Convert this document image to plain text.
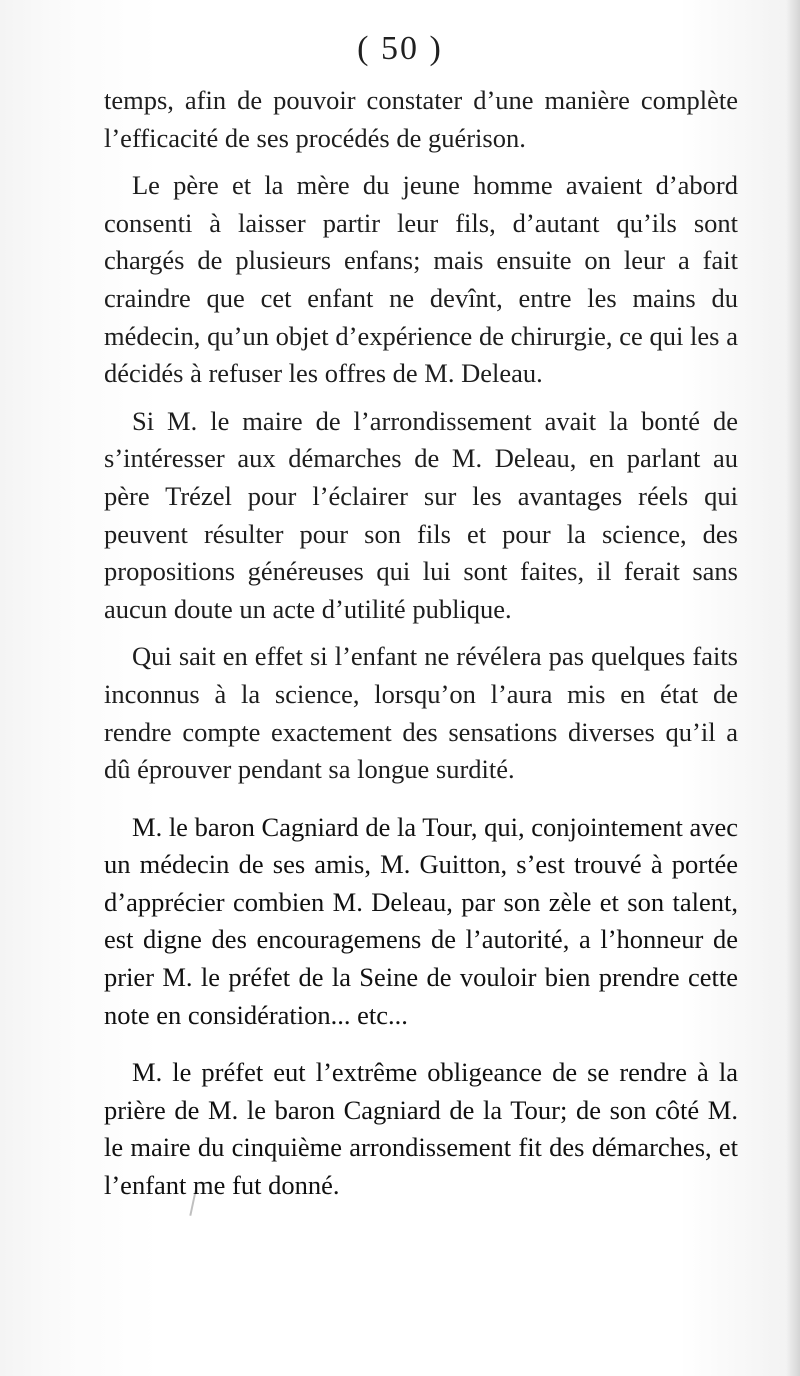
( 50 )

temps, afin de pouvoir constater d’une manière complète l’efficacité de ses procédés de guérison.

Le père et la mère du jeune homme avaient d’abord consenti à laisser partir leur fils, d’autant qu’ils sont chargés de plusieurs enfans; mais ensuite on leur a fait craindre que cet enfant ne devînt, entre les mains du médecin, qu’un objet d’expérience de chirurgie, ce qui les a décidés à refuser les offres de M. Deleau.

Si M. le maire de l’arrondissement avait la bonté de s’intéresser aux démarches de M. Deleau, en parlant au père Trézel pour l’éclairer sur les avantages réels qui peuvent résulter pour son fils et pour la science, des propositions généreuses qui lui sont faites, il ferait sans aucun doute un acte d’utilité publique.

Qui sait en effet si l’enfant ne révélera pas quelques faits inconnus à la science, lorsqu’on l’aura mis en état de rendre compte exactement des sensations diverses qu’il a dû éprouver pendant sa longue surdité.

M. le baron Cagniard de la Tour, qui, conjointement avec un médecin de ses amis, M. Guitton, s’est trouvé à portée d’apprécier combien M. Deleau, par son zèle et son talent, est digne des encouragemens de l’autorité, a l’honneur de prier M. le préfet de la Seine de vouloir bien prendre cette note en considération... etc...

M. le préfet eut l’extrême obligeance de se rendre à la prière de M. le baron Cagniard de la Tour; de son côté M. le maire du cinquième arrondissement fit des démarches, et l’enfant me fut donné.
